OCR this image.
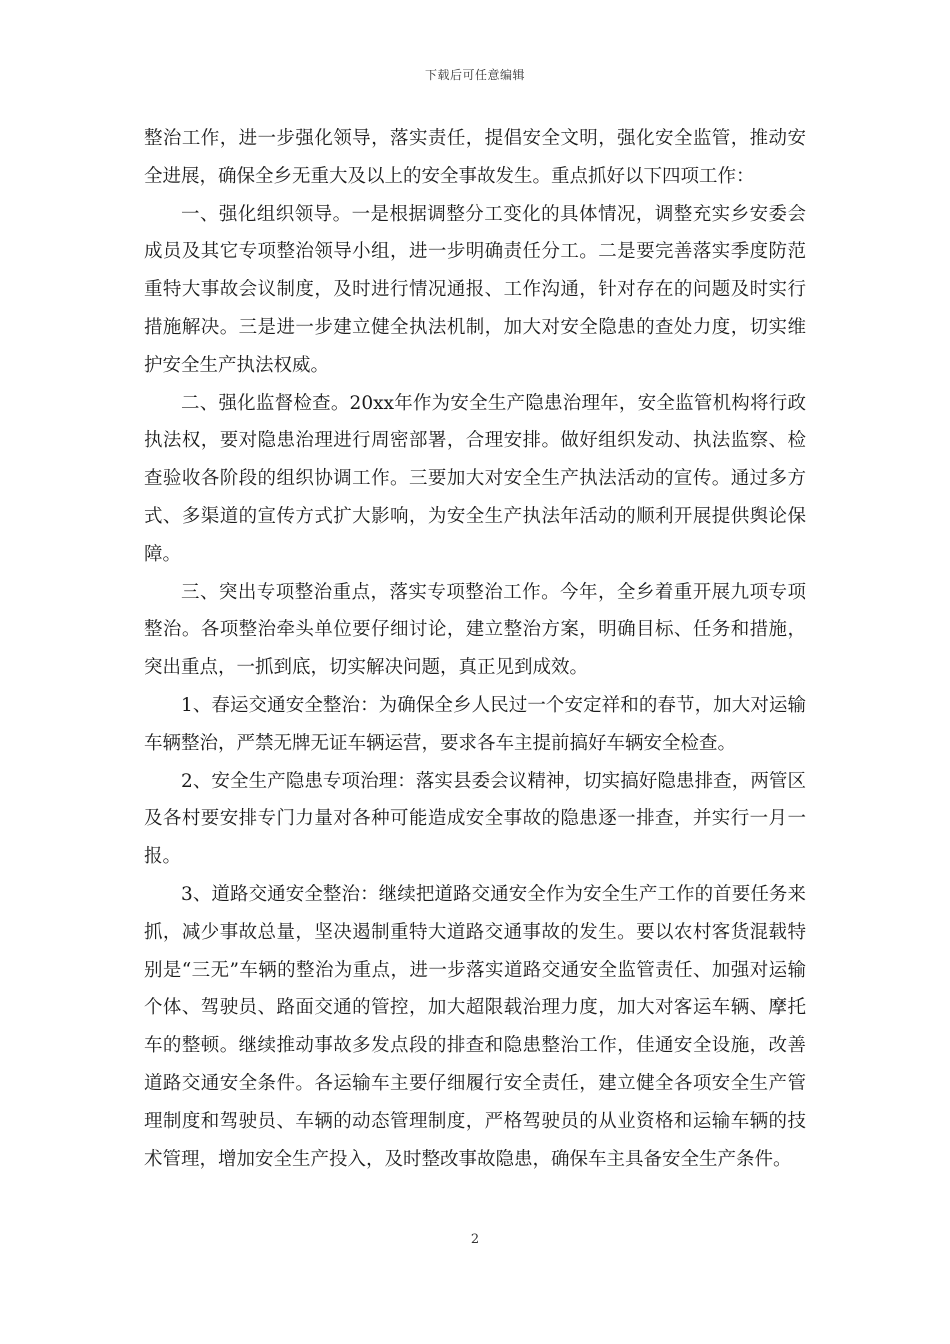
下载后可任意编辑

整治工作，进一步强化领导，落实责任，提倡安全文明，强化安全监管，推动安全进展，确保全乡无重大及以上的安全事故发生。重点抓好以下四项工作：

一、强化组织领导。一是根据调整分工变化的具体情况，调整充实乡安委会成员及其它专项整治领导小组，进一步明确责任分工。二是要完善落实季度防范重特大事故会议制度，及时进行情况通报、工作沟通，针对存在的问题及时实行措施解决。三是进一步建立健全执法机制，加大对安全隐患的查处力度，切实维护安全生产执法权威。

二、强化监督检查。20xx年作为安全生产隐患治理年，安全监管机构将行政执法权，要对隐患治理进行周密部署，合理安排。做好组织发动、执法监察、检查验收各阶段的组织协调工作。三要加大对安全生产执法活动的宣传。通过多方式、多渠道的宣传方式扩大影响，为安全生产执法年活动的顺利开展提供舆论保障。

三、突出专项整治重点，落实专项整治工作。今年，全乡着重开展九项专项整治。各项整治牵头单位要仔细讨论，建立整治方案，明确目标、任务和措施，突出重点，一抓到底，切实解决问题，真正见到成效。

1、春运交通安全整治：为确保全乡人民过一个安定祥和的春节，加大对运输车辆整治，严禁无牌无证车辆运营，要求各车主提前搞好车辆安全检查。

2、安全生产隐患专项治理：落实县委会议精神，切实搞好隐患排查，两管区及各村要安排专门力量对各种可能造成安全事故的隐患逐一排查，并实行一月一报。

3、道路交通安全整治：继续把道路交通安全作为安全生产工作的首要任务来抓，减少事故总量，坚决遏制重特大道路交通事故的发生。要以农村客货混载特别是“三无”车辆的整治为重点，进一步落实道路交通安全监管责任、加强对运输个体、驾驶员、路面交通的管控，加大超限载治理力度，加大对客运车辆、摩托车的整顿。继续推动事故多发点段的排查和隐患整治工作，佳通安全设施，改善道路交通安全条件。各运输车主要仔细履行安全责任，建立健全各项安全生产管理制度和驾驶员、车辆的动态管理制度，严格驾驶员的从业资格和运输车辆的技术管理，增加安全生产投入，及时整改事故隐患，确保车主具备安全生产条件。

2
